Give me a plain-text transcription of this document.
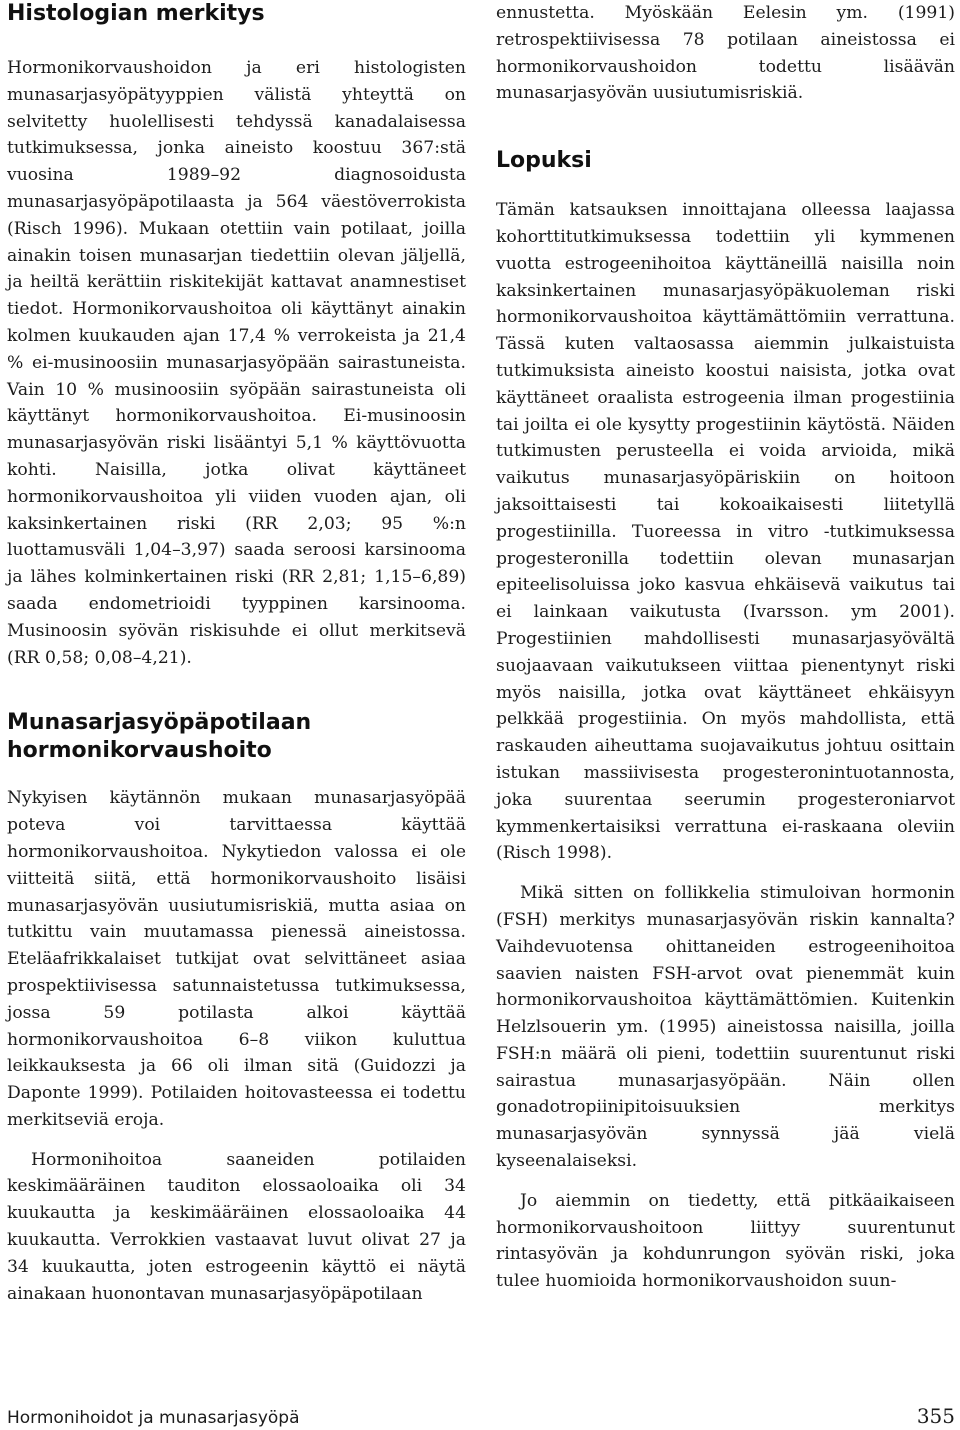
Histologian merkitys

Hormonikorvaushoidon ja eri histologisten munasarjasyöpätyyppien välistä yhteyttä on selvitetty huolellisesti tehdyssä kanadalaisessa tutkimuksessa, jonka aineisto koostuu 367:stä vuosina 1989–92 diagnosoidusta munasarjasyöpäpotilaasta ja 564 väestöverrokista (Risch 1996). Mukaan otettiin vain potilaat, joilla ainakin toisen munasarjan tiedettiin olevan jäljellä, ja heiltä kerättiin riskitekijät kattavat anamnestiset tiedot. Hormonikorvaushoitoa oli käyttänyt ainakin kolmen kuukauden ajan 17,4 % verrokeista ja 21,4 % ei-musinoosiin munasarjasyöpään sairastuneista. Vain 10 % musinoosiin syöpään sairastuneista oli käyttänyt hormonikorvaushoitoa. Ei-musinoosin munasarjasyövän riski lisääntyi 5,1 % käyttövuotta kohti. Naisilla, jotka olivat käyttäneet hormonikorvaushoitoa yli viiden vuoden ajan, oli kaksinkertainen riski (RR 2,03; 95 %:n luottamusväli 1,04–3,97) saada seroosi karsinooma ja lähes kolminkertainen riski (RR 2,81; 1,15–6,89) saada endometrioidi tyyppinen karsinooma. Musinoosin syövän riskisuhde ei ollut merkitsevä (RR 0,58; 0,08–4,21).

Munasarjasyöpäpotilaan
hormonikorvaushoito

Nykyisen käytännön mukaan munasarjasyöpää poteva voi tarvittaessa käyttää hormonikorvaushoitoa. Nykytiedon valossa ei ole viitteitä siitä, että hormonikorvaushoito lisäisi munasarjasyövän uusiutumisriskiä, mutta asiaa on tutkittu vain muutamassa pienessä aineistossa. Eteläafrikkalaiset tutkijat ovat selvittäneet asiaa prospektiivisessa satunnaistetussa tutkimuksessa, jossa 59 potilasta alkoi käyttää hormonikorvaushoitoa 6–8 viikon kuluttua leikkauksesta ja 66 oli ilman sitä (Guidozzi ja Daponte 1999). Potilaiden hoitovasteessa ei todettu merkitseviä eroja.

Hormonihoitoa saaneiden potilaiden keskimääräinen tauditon elossaoloaika oli 34 kuukautta ja keskimääräinen elossaoloaika 44 kuukautta. Verrokkien vastaavat luvut olivat 27 ja 34 kuukautta, joten estrogeenin käyttö ei näytä ainakaan huonontavan munasarjasyöpäpotilaan

ennustetta. Myöskään Eelesin ym. (1991) retrospektiivisessa 78 potilaan aineistossa ei hormonikorvaushoidon todettu lisäävän munasarjasyövän uusiutumisriskiä.

Lopuksi

Tämän katsauksen innoittajana olleessa laajassa kohorttitutkimuksessa todettiin yli kymmenen vuotta estrogeenihoitoa käyttäneillä naisilla noin kaksinkertainen munasarjasyöpäkuoleman riski hormonikorvaushoitoa käyttämättömiin verrattuna. Tässä kuten valtaosassa aiemmin julkaistuista tutkimuksista aineisto koostui naisista, jotka ovat käyttäneet oraalista estrogeenia ilman progestiinia tai joilta ei ole kysytty progestiinin käytöstä. Näiden tutkimusten perusteella ei voida arvioida, mikä vaikutus munasarjasyöpäriskiin on hoitoon jaksoittaisesti tai kokoaikaisesti liitetyllä progestiinilla. Tuoreessa in vitro -tutkimuksessa progesteronilla todettiin olevan munasarjan epiteelisoluissa joko kasvua ehkäisevä vaikutus tai ei lainkaan vaikutusta (Ivarsson. ym 2001). Progestiinien mahdollisesti munasarjasyövältä suojaavaan vaikutukseen viittaa pienentynyt riski myös naisilla, jotka ovat käyttäneet ehkäisyyn pelkkää progestiinia. On myös mahdollista, että raskauden aiheuttama suojavaikutus johtuu osittain istukan massiivisesta progesteronintuotannosta, joka suurentaa seerumin progesteroniarvot kymmenkertaisiksi verrattuna ei-raskaana oleviin (Risch 1998).

Mikä sitten on follikkelia stimuloivan hormonin (FSH) merkitys munasarjasyövän riskin kannalta? Vaihdevuotensa ohittaneiden estrogeenihoitoa saavien naisten FSH-arvot ovat pienemmät kuin hormonikorvaushoitoa käyttämättömien. Kuitenkin Helzlsouerin ym. (1995) aineistossa naisilla, joilla FSH:n määrä oli pieni, todettiin suurentunut riski sairastua munasarjasyöpään. Näin ollen gonadotropiinipitoisuuksien merkitys munasarjasyövän synnyssä jää vielä kyseenalaiseksi.

Jo aiemmin on tiedetty, että pitkäaikaiseen hormonikorvaushoitoon liittyy suurentunut rintasyövän ja kohdunrungon syövän riski, joka tulee huomioida hormonikorvaushoidon suun-

Hormonihoidot ja munasarjasyöpä	355
